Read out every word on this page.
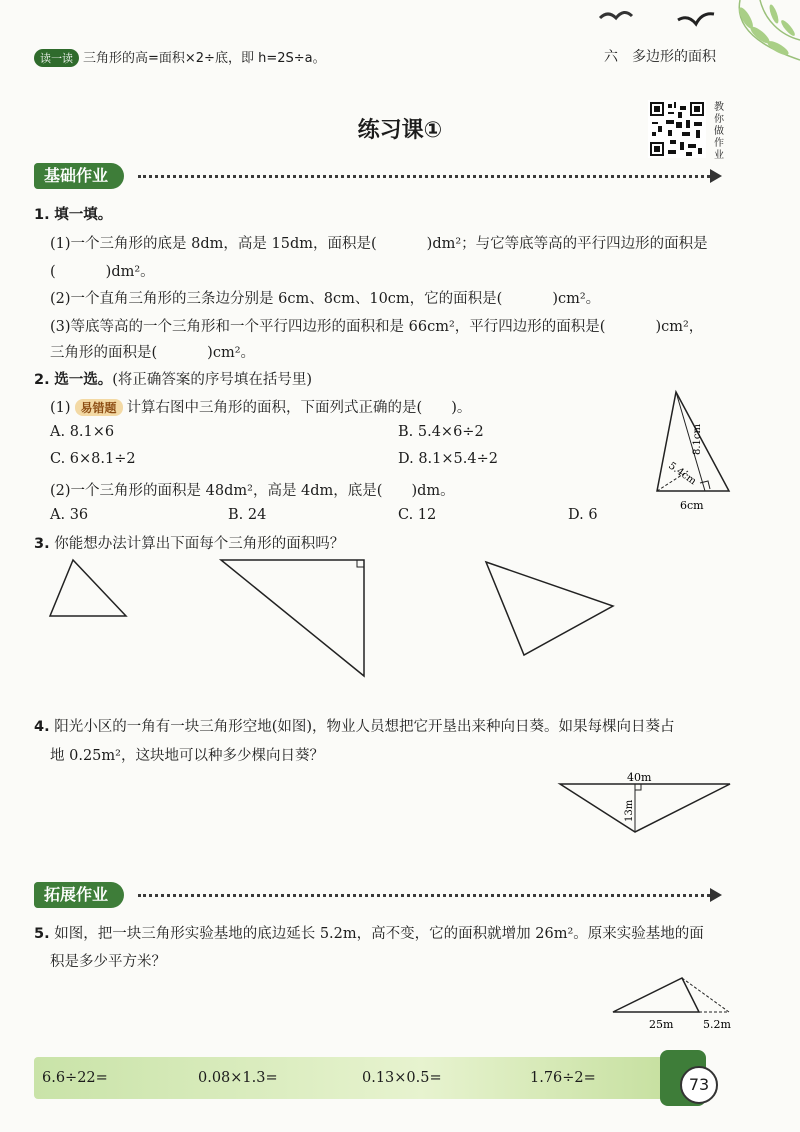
读一读 三角形的高=面积×2÷底，即 h=2S÷a。	六　多边形的面积
练习课①
教你做作业
基础作业
1. 填一填。
(1)一个三角形的底是 8dm，高是 15dm，面积是(	)dm²；与它等底等高的平行四边形的面积是
(	)dm²。
(2)一个直角三角形的三条边分别是 6cm、8cm、10cm，它的面积是(	)cm²。
(3)等底等高的一个三角形和一个平行四边形的面积和是 66cm²，平行四边形的面积是(	)cm²，
三角形的面积是(	)cm²。
2. 选一选。(将正确答案的序号填在括号里)
(1) 易错题 计算右图中三角形的面积，下面列式正确的是(　　)。
A. 8.1×6	B. 5.4×6÷2
C. 6×8.1÷2	D. 8.1×5.4÷2
(2)一个三角形的面积是 48dm²，高是 4dm，底是(　　)dm。
A. 36	B. 24	C. 12	D. 6
8.1cm
5.4cm
6cm
3. 你能想办法计算出下面每个三角形的面积吗？
4. 阳光小区的一角有一块三角形空地(如图)，物业人员想把它开垦出来种向日葵。如果每棵向日葵占
地 0.25m²，这块地可以种多少棵向日葵？
40m
13m
拓展作业
5. 如图，把一块三角形实验基地的底边延长 5.2m，高不变，它的面积就增加 26m²。原来实验基地的面
积是多少平方米？
25m	5.2m
6.6÷22=	0.08×1.3=	0.13×0.5=	1.76÷2=	73
